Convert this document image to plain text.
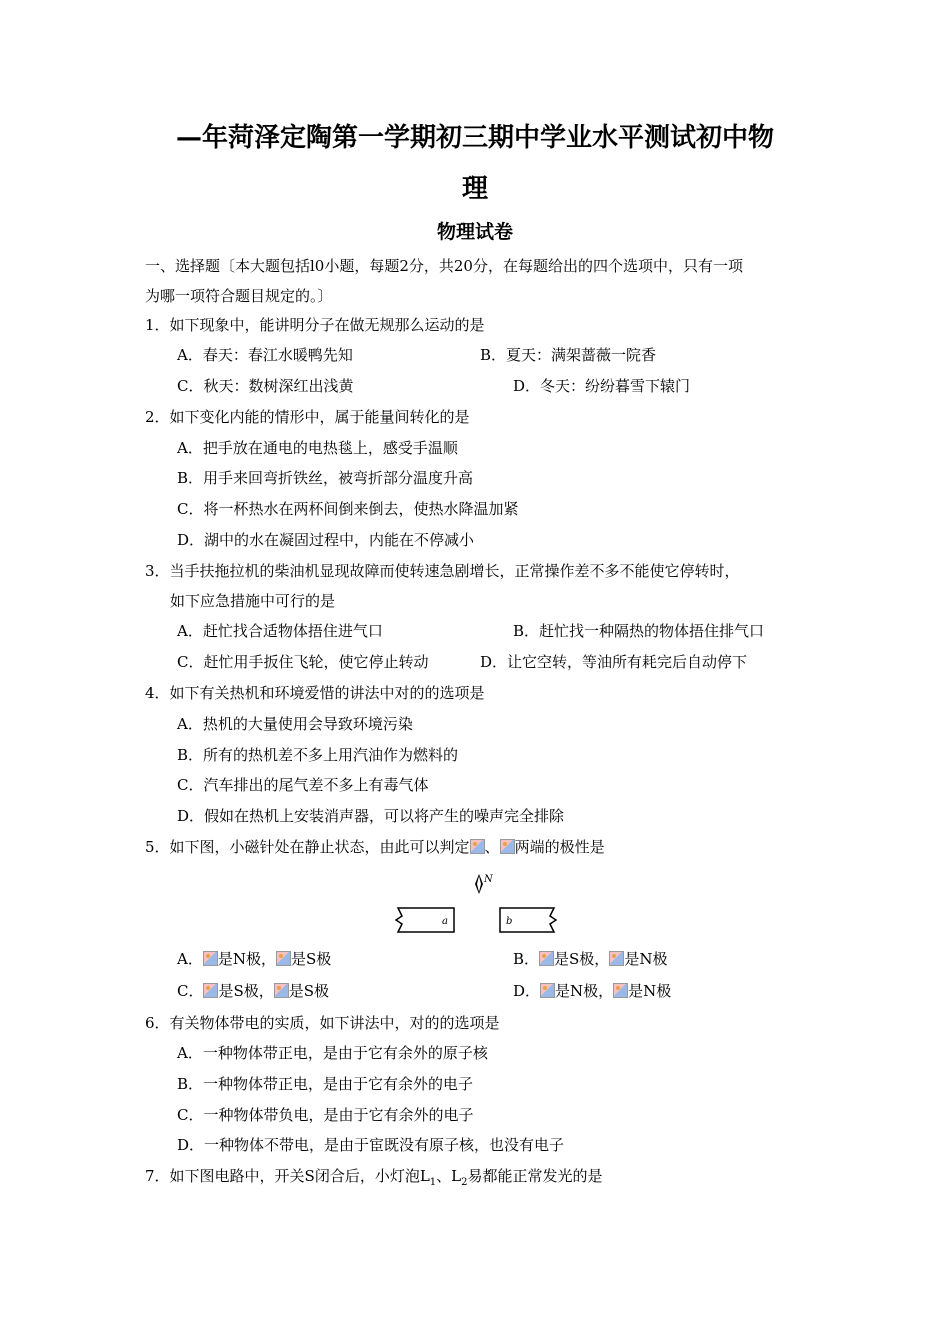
—年菏泽定陶第一学期初三期中学业水平测试初中物
理
物理试卷
一、选择题〔本大题包括l0小题，每题2分，共20分，在每题给出的四个选项中，只有一项
为哪一项符合题目规定的。〕
1．如下现象中，能讲明分子在做无规那么运动的是
A．春天：春江水暖鸭先知	B．夏天：满架蔷薇一院香
C．秋天：数树深红出浅黄	D．冬天：纷纷暮雪下辕门
2．如下变化内能的情形中，属于能量间转化的是
A．把手放在通电的电热毯上，感受手温顺
B．用手来回弯折铁丝，被弯折部分温度升高
C．将一杯热水在两杯间倒来倒去，使热水降温加紧
D．湖中的水在凝固过程中，内能在不停减小
3．当手扶拖拉机的柴油机显现故障而使转速急剧增长，正常操作差不多不能使它停转时，
如下应急措施中可行的是
A．赶忙找合适物体捂住进气口	B．赶忙找一种隔热的物体捂住排气口
C．赶忙用手扳住飞轮，使它停止转动	D．让它空转，等油所有耗完后自动停下
4．如下有关热机和环境爱惜的讲法中对的的选项是
A．热机的大量使用会导致环境污染
B．所有的热机差不多上用汽油作为燃料的
C．汽车排出的尾气差不多上有毒气体
D．假如在热机上安装消声器，可以将产生的噪声完全排除
5．如下图，小磁针处在静止状态，由此可以判定 、 两端的极性是
N
a	b
A． 是N极， 是S极	B． 是S极， 是N极
C． 是S极， 是S极	D． 是N极， 是N极
6．有关物体带电的实质，如下讲法中，对的的选项是
A．一种物体带正电，是由于它有余外的原子核
B．一种物体带正电，是由于它有余外的电子
C．一种物体带负电，是由于它有余外的电子
D．一种物体不带电，是由于宦既没有原子核，也没有电子
7．如下图电路中，开关S闭合后，小灯泡$L_1$、$L_2$易都能正常发光的是
